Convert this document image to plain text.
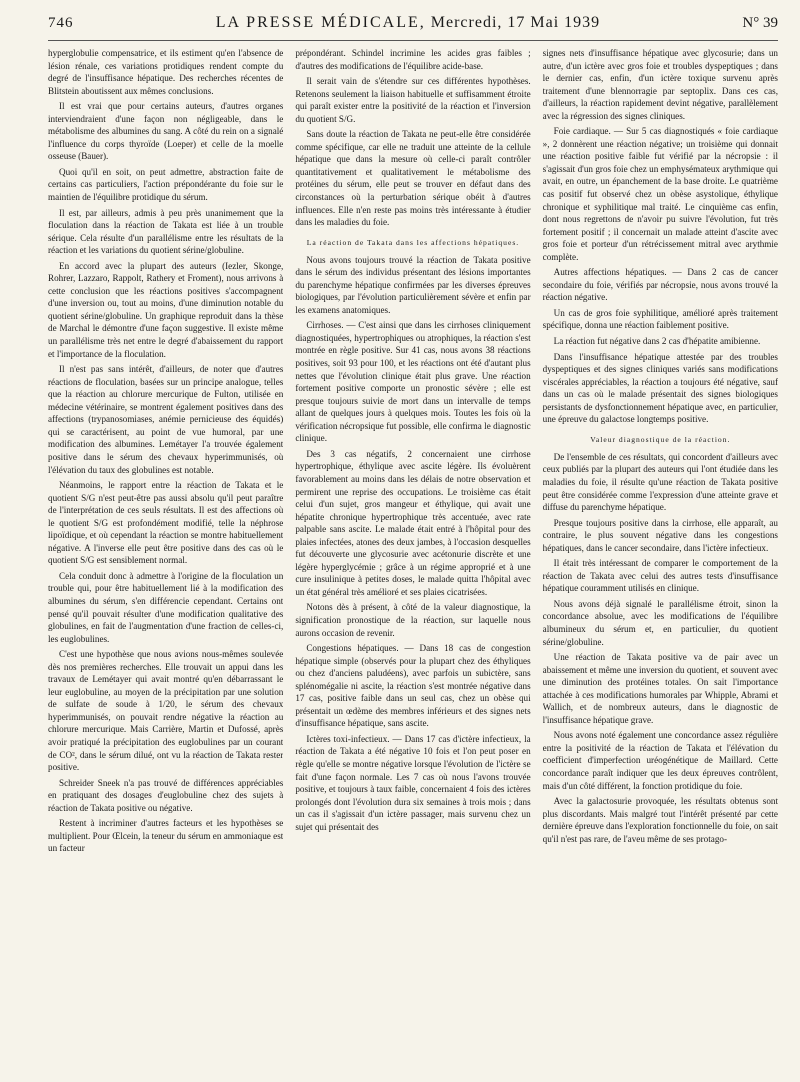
746	LA PRESSE MÉDICALE, Mercredi, 17 Mai 1939	N° 39

hyperglobulie compensatrice, et ils estiment qu'en l'absence de lésion rénale, ces variations protidiques rendent compte du degré de l'insuffisance hépatique. Des recherches récentes de Blitstein aboutissent aux mêmes conclusions.

Il est vrai que pour certains auteurs, d'autres organes interviendraient d'une façon non négligeable, dans le métabolisme des albumines du sang. A côté du rein on a signalé l'influence du corps thyroïde (Loeper) et celle de la moelle osseuse (Bauer).

Quoi qu'il en soit, on peut admettre, abstraction faite de certains cas particuliers, l'action prépondérante du foie sur le maintien de l'équilibre protidique du sérum.

Il est, par ailleurs, admis à peu près unanimement que la floculation dans la réaction de Takata est liée à un trouble sérique. Cela résulte d'un parallélisme entre les résultats de la réaction et les variations du quotient sérine/globuline.

En accord avec la plupart des auteurs (Iezler, Skonge, Rohrer, Lazzaro, Rappolt, Rathery et Froment), nous arrivons à cette conclusion que les réactions positives s'accompagnent d'une inversion ou, tout au moins, d'une diminution notable du quotient sérine/globuline. Un graphique reproduit dans la thèse de Marchal le démontre d'une façon suggestive. Il existe même un parallélisme très net entre le degré d'abaissement du rapport et l'importance de la floculation.

Il n'est pas sans intérêt, d'ailleurs, de noter que d'autres réactions de floculation, basées sur un principe analogue, telles que la réaction au chlorure mercurique de Fulton, utilisée en médecine vétérinaire, se montrent également positives dans des affections (trypanosomiases, anémie pernicieuse des équidés) qui se caractérisent, au point de vue humoral, par une modification des albumines. Lemétayer l'a trouvée également positive dans le sérum des chevaux hyperimmunisés, où l'élévation du taux des globulines est notable.

Néanmoins, le rapport entre la réaction de Takata et le quotient S/G n'est peut-être pas aussi absolu qu'il peut paraître de l'interprétation de ces seuls résultats. Il est des affections où le quotient S/G est profondément modifié, telle la néphrose lipoïdique, et où cependant la réaction se montre habituellement négative. A l'inverse elle peut être positive dans des cas où le quotient S/G est sensiblement normal.

Cela conduit donc à admettre à l'origine de la floculation un trouble qui, pour être habituellement lié à la modification des albumines du sérum, s'en différencie cependant. Certains ont pensé qu'il pouvait résulter d'une modification qualitative des globulines, en fait de l'augmentation d'une fraction de celles-ci, les euglobulines.

C'est une hypothèse que nous avions nous-mêmes soulevée dès nos premières recherches. Elle trouvait un appui dans les travaux de Lemétayer qui avait montré qu'en débarrassant le leur euglobuline, au moyen de la précipitation par une solution de sulfate de soude à 1/20, le sérum des chevaux hyperimmunisés, on pouvait rendre négative la réaction au chlorure mercurique. Mais Carrière, Martin et Dufossé, après avoir pratiqué la précipitation des euglobulines par un courant de CO², dans le sérum dilué, ont vu la réaction de Takata rester positive.

Schreider Sneek n'a pas trouvé de différences appréciables en pratiquant des dosages d'euglobuline chez des sujets à réaction de Takata positive ou négative.

Restent à incriminer d'autres facteurs et les hypothèses se multiplient. Pour Œlcein, la teneur du sérum en ammoniaque est un facteur

prépondérant. Schindel incrimine les acides gras faibles ; d'autres des modifications de l'équilibre acide-base.

Il serait vain de s'étendre sur ces différentes hypothèses. Retenons seulement la liaison habituelle et suffisamment étroite qui paraît exister entre la positivité de la réaction et l'inversion du quotient S/G.

Sans doute la réaction de Takata ne peut-elle être considérée comme spécifique, car elle ne traduit une atteinte de la cellule hépatique que dans la mesure où celle-ci paraît contrôler quantitativement et qualitativement le métabolisme des protéines du sérum, elle peut se trouver en défaut dans des circonstances où la perturbation sérique obéit à d'autres influences. Elle n'en reste pas moins très intéressante à étudier dans les maladies du foie.

La réaction de Takata dans les affections hépatiques.

Nous avons toujours trouvé la réaction de Takata positive dans le sérum des individus présentant des lésions importantes du parenchyme hépatique confirmées par les diverses épreuves biologiques, par l'évolution particulièrement sévère et enfin par les examens anatomiques.

Cirrhoses. — C'est ainsi que dans les cirrhoses cliniquement diagnostiquées, hypertrophiques ou atrophiques, la réaction s'est montrée en règle positive. Sur 41 cas, nous avons 38 réactions positives, soit 93 pour 100, et les réactions ont été d'autant plus nettes que l'évolution clinique était plus grave. Une réaction fortement positive comporte un pronostic sévère ; elle est presque toujours suivie de mort dans un intervalle de temps allant de quelques jours à quelques mois. Toutes les fois où la vérification nécropsique fut possible, elle confirma le diagnostic clinique.

Des 3 cas négatifs, 2 concernaient une cirrhose hypertrophique, éthylique avec ascite légère. Ils évoluèrent favorablement au moins dans les délais de notre observation et permirent une reprise des occupations. Le troisième cas était celui d'un sujet, gros mangeur et éthylique, qui avait une hépatite chronique hypertrophique très accentuée, avec rate palpable sans ascite. Le malade était entré à l'hôpital pour des plaies infectées, atones des deux jambes, à l'occasion desquelles fut découverte une glycosurie avec acétonurie discrète et une légère hyperglycémie ; grâce à un régime approprié et à une cure insulinique à petites doses, le malade quitta l'hôpital avec un état général très amélioré et ses plaies cicatrisées.

Notons dès à présent, à côté de la valeur diagnostique, la signification pronostique de la réaction, sur laquelle nous aurons occasion de revenir.

Congestions hépatiques. — Dans 18 cas de congestion hépatique simple (observés pour la plupart chez des éthyliques ou chez d'anciens paludéens), avec parfois un subictère, sans splénomégalie ni ascite, la réaction s'est montrée négative dans 17 cas, positive faible dans un seul cas, chez un obèse qui présentait un œdème des membres inférieurs et des signes nets d'insuffisance hépatique, sans ascite.

Ictères toxi-infectieux. — Dans 17 cas d'ictère infectieux, la réaction de Takata a été négative 10 fois et l'on peut poser en règle qu'elle se montre négative lorsque l'évolution de l'ictère se fait d'une façon normale. Les 7 cas où nous l'avons trouvée positive, et toujours à taux faible, concernaient 4 fois des ictères prolongés dont l'évolution dura six semaines à trois mois ; dans un cas il s'agissait d'un ictère passager, mais survenu chez un sujet qui présentait des

signes nets d'insuffisance hépatique avec glycosurie; dans un autre, d'un ictère avec gros foie et troubles dyspeptiques ; dans le dernier cas, enfin, d'un ictère toxique survenu après traitement d'une blennorragie par septoplix. Dans ces cas, d'ailleurs, la réaction rapidement devint négative, parallèlement avec la régression des signes cliniques.

Foie cardiaque. — Sur 5 cas diagnostiqués « foie cardiaque », 2 donnèrent une réaction négative; un troisième qui donnait une réaction positive faible fut vérifié par la nécropsie : il s'agissait d'un gros foie chez un emphysémateux arythmique qui avait, en outre, un épanchement de la base droite. Le quatrième cas positif fut observé chez un obèse asystolique, éthylique chronique et syphilitique mal traité. Le cinquième cas enfin, dont nous regrettons de n'avoir pu suivre l'évolution, fut très fortement positif ; il concernait un malade atteint d'ascite avec gros foie et porteur d'un rétrécissement mitral avec arythmie complète.

Autres affections hépatiques. — Dans 2 cas de cancer secondaire du foie, vérifiés par nécropsie, nous avons trouvé la réaction négative.

Un cas de gros foie syphilitique, amélioré après traitement spécifique, donna une réaction faiblement positive.

La réaction fut négative dans 2 cas d'hépatite amibienne.

Dans l'insuffisance hépatique attestée par des troubles dyspeptiques et des signes cliniques variés sans modifications viscérales appréciables, la réaction a toujours été négative, sauf dans un cas où le malade présentait des signes biologiques persistants de dysfonctionnement hépatique avec, en particulier, une épreuve du galactose longtemps positive.

Valeur diagnostique de la réaction.

De l'ensemble de ces résultats, qui concordent d'ailleurs avec ceux publiés par la plupart des auteurs qui l'ont étudiée dans les maladies du foie, il résulte qu'une réaction de Takata positive peut être considérée comme l'expression d'une atteinte grave et diffuse du parenchyme hépatique.

Presque toujours positive dans la cirrhose, elle apparaît, au contraire, le plus souvent négative dans les congestions hépatiques, dans le cancer secondaire, dans l'ictère infectieux.

Il était très intéressant de comparer le comportement de la réaction de Takata avec celui des autres tests d'insuffisance hépatique couramment utilisés en clinique.

Nous avons déjà signalé le parallélisme étroit, sinon la concordance absolue, avec les modifications de l'équilibre albumineux du sérum et, en particulier, du quotient sérine/globuline.

Une réaction de Takata positive va de pair avec un abaissement et même une inversion du quotient, et souvent avec une diminution des protéines totales. On sait l'importance attachée à ces modifications humorales par Whipple, Abrami et Wallich, et de nombreux auteurs, dans le diagnostic de l'insuffisance hépatique grave.

Nous avons noté également une concordance assez régulière entre la positivité de la réaction de Takata et l'élévation du coefficient d'imperfection uréogénétique de Maillard. Cette concordance paraît indiquer que les deux épreuves contrôlent, mais d'un côté différent, la fonction protidique du foie.

Avec la galactosurie provoquée, les résultats obtenus sont plus discordants. Mais malgré tout l'intérêt présenté par cette dernière épreuve dans l'exploration fonctionnelle du foie, on sait qu'il n'est pas rare, de l'aveu même de ses protago-
